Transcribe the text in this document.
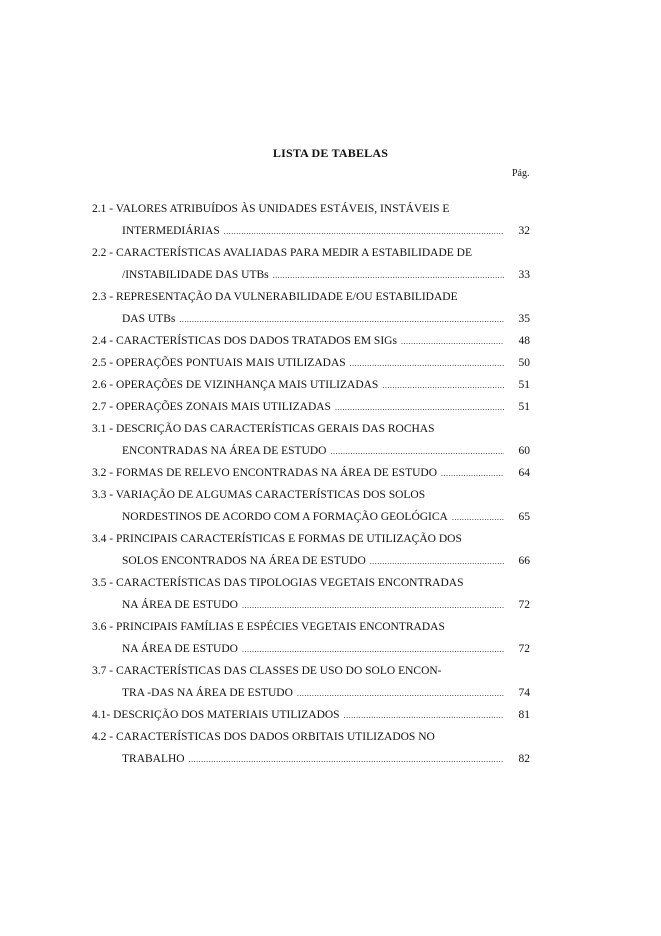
LISTA DE TABELAS
Pág.
2.1 - VALORES ATRIBUÍDOS ÀS UNIDADES ESTÁVEIS, INSTÁVEIS E
INTERMEDIÁRIAS .....	32
2.2 - CARACTERÍSTICAS AVALIADAS PARA MEDIR A ESTABILIDADE DE
/INSTABILIDADE DAS UTBs .....	33
2.3 - REPRESENTAÇÃO DA VULNERABILIDADE E/OU ESTABILIDADE
DAS UTBs .....	35
2.4 - CARACTERÍSTICAS DOS DADOS TRATADOS EM SIGs .....	48
2.5 - OPERAÇÕES PONTUAIS MAIS UTILIZADAS .....	50
2.6 - OPERAÇÕES DE VIZINHANÇA MAIS UTILIZADAS .....	51
2.7 - OPERAÇÕES ZONAIS MAIS UTILIZADAS .....	51
3.1 - DESCRIÇÃO DAS CARACTERÍSTICAS GERAIS DAS ROCHAS
ENCONTRADAS NA ÁREA DE ESTUDO .....	60
3.2 - FORMAS DE RELEVO ENCONTRADAS NA ÁREA DE ESTUDO .....	64
3.3 - VARIAÇÃO DE ALGUMAS CARACTERÍSTICAS DOS SOLOS
NORDESTINOS DE ACORDO COM A FORMAÇÃO GEOLÓGICA .....	65
3.4 - PRINCIPAIS CARACTERÍSTICAS E FORMAS DE UTILIZAÇÃO DOS
SOLOS ENCONTRADOS NA ÁREA DE ESTUDO .....	66
3.5 - CARACTERÍSTICAS DAS TIPOLOGIAS VEGETAIS ENCONTRADAS
NA ÁREA DE ESTUDO .....	72
3.6 - PRINCIPAIS FAMÍLIAS E ESPÉCIES VEGETAIS ENCONTRADAS
NA ÁREA DE ESTUDO .....	72
3.7 - CARACTERÍSTICAS DAS CLASSES DE USO DO SOLO ENCON-
TRA -DAS NA ÁREA DE ESTUDO .....	74
4.1- DESCRIÇÃO DOS MATERIAIS UTILIZADOS .....	81
4.2 - CARACTERÍSTICAS DOS DADOS ORBITAIS UTILIZADOS NO
TRABALHO .....	82
